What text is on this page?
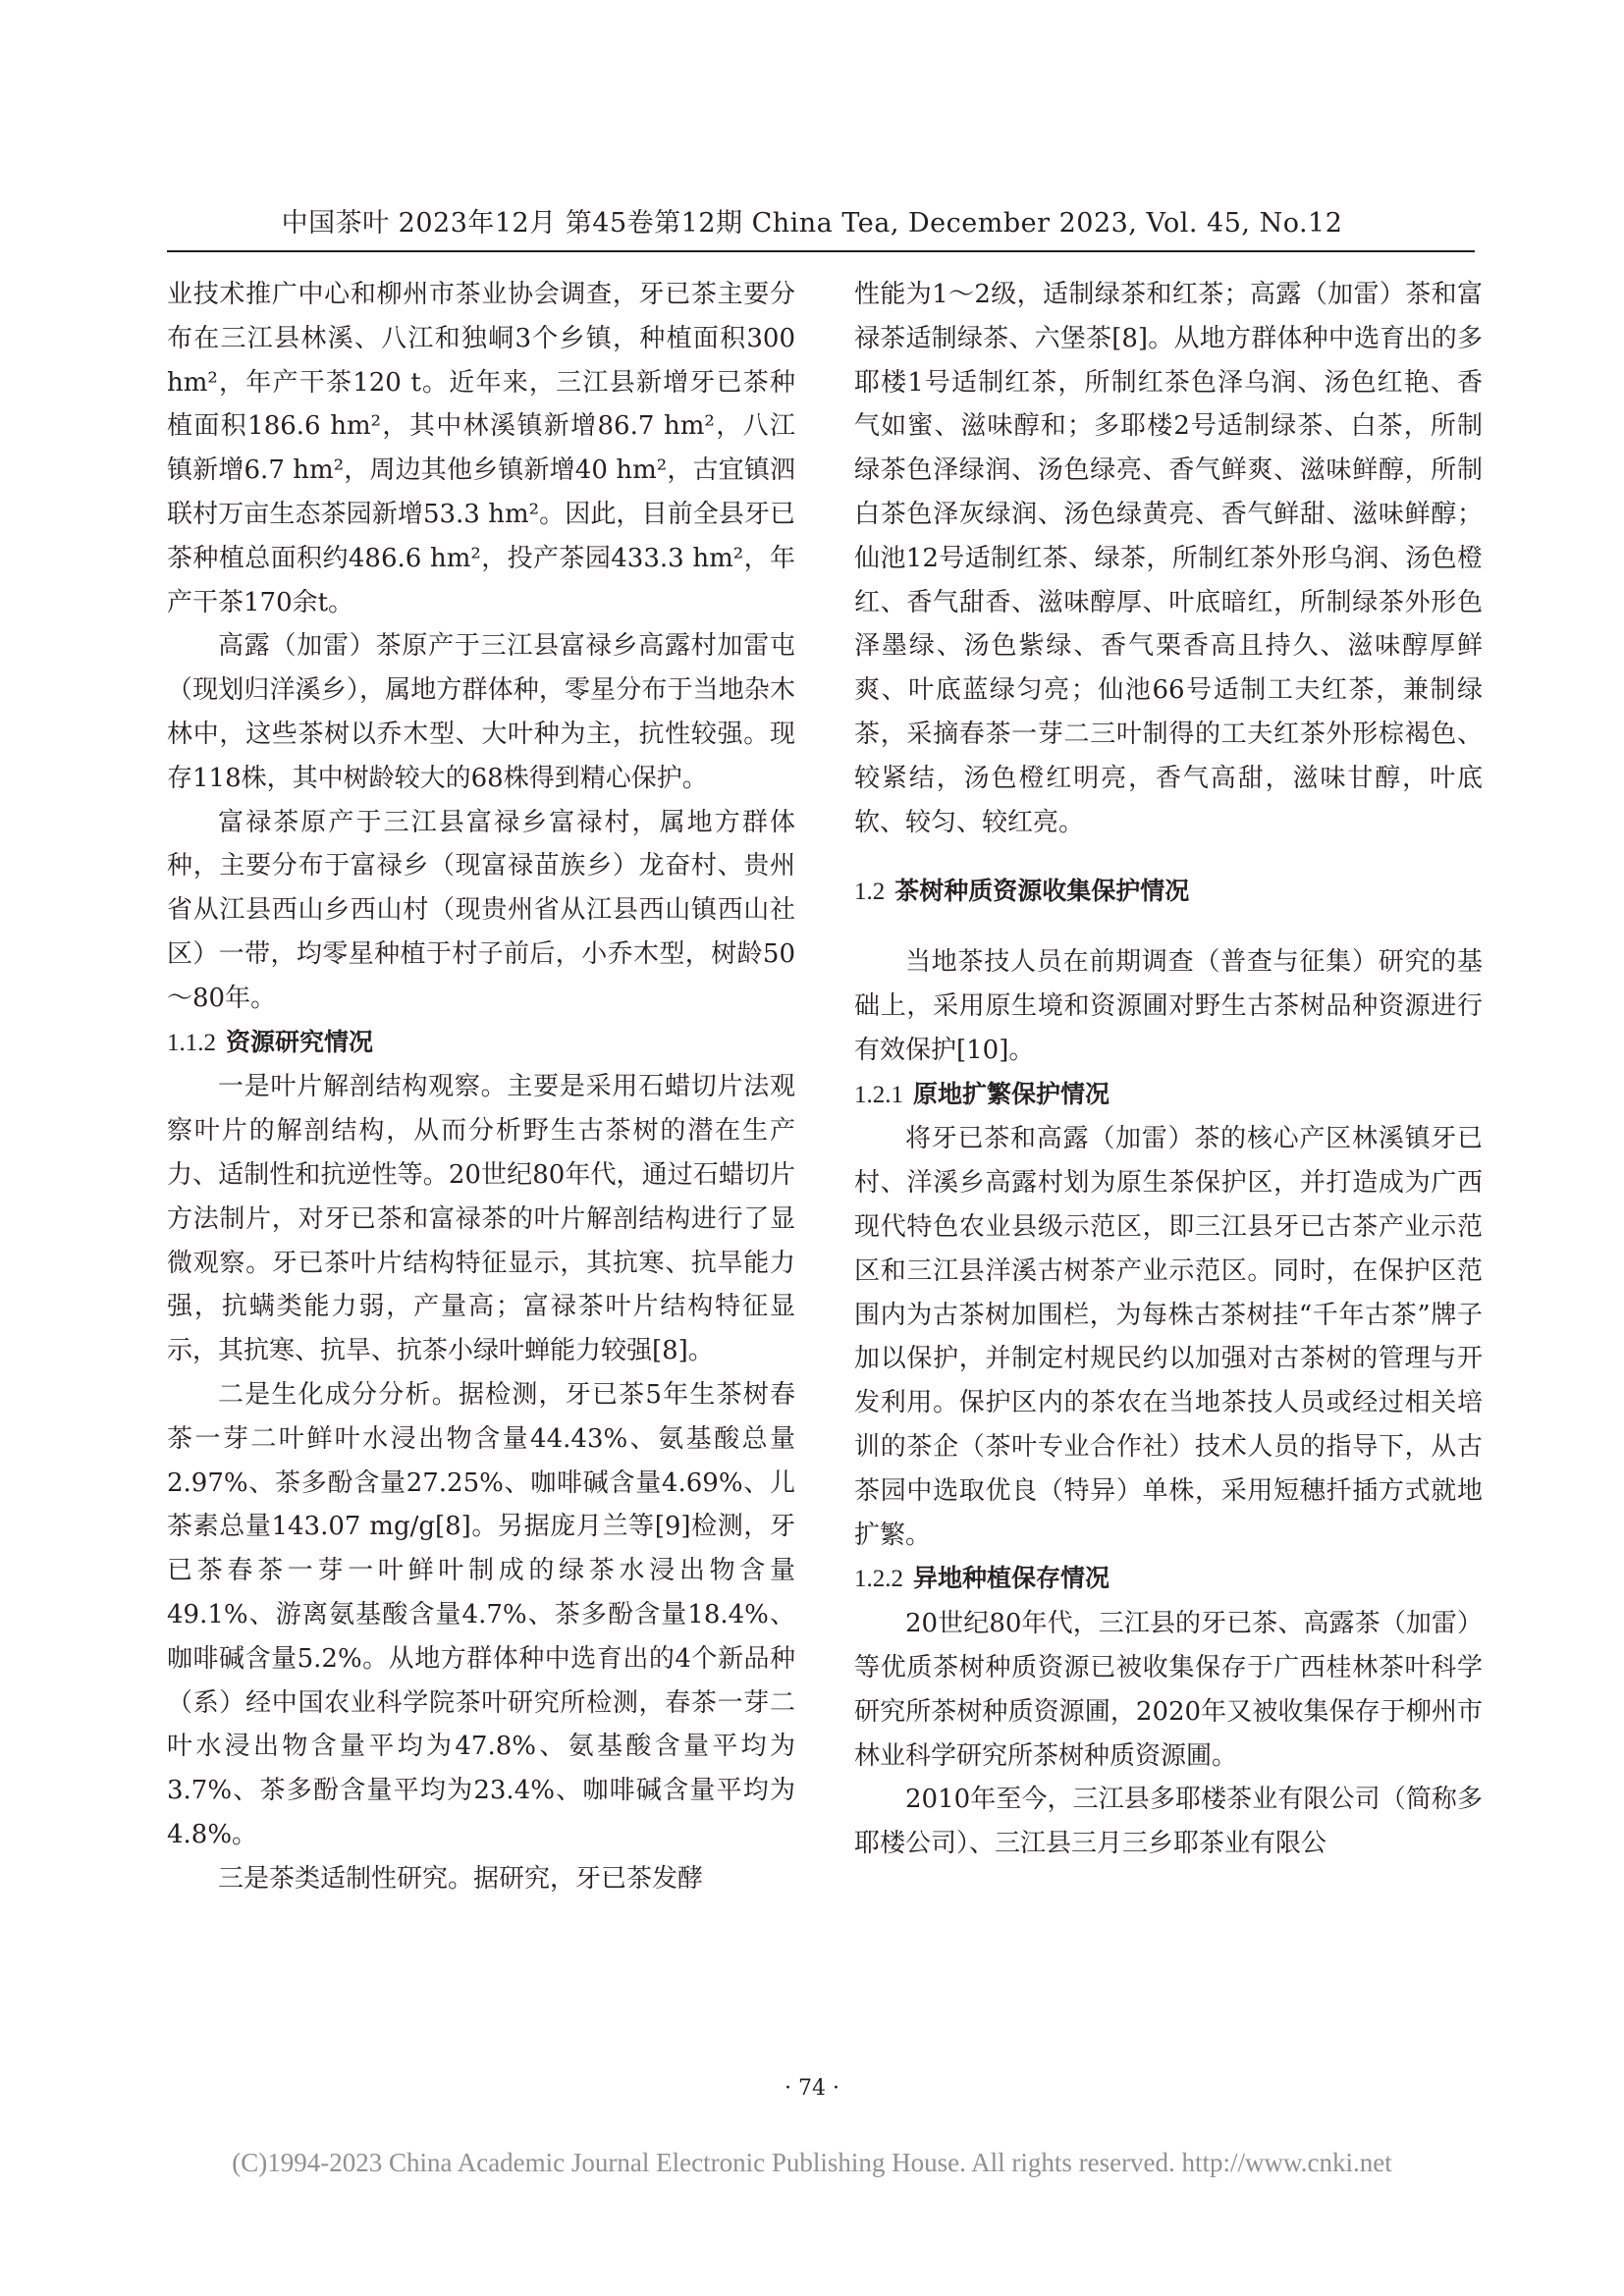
中国茶叶 2023年12月 第45卷第12期 China Tea, December 2023, Vol. 45, No.12

业技术推广中心和柳州市茶业协会调查，牙已茶主要分布在三江县林溪、八江和独峒3个乡镇，种植面积300 hm²，年产干茶120 t。近年来，三江县新增牙已茶种植面积186.6 hm²，其中林溪镇新增86.7 hm²，八江镇新增6.7 hm²，周边其他乡镇新增40 hm²，古宜镇泗联村万亩生态茶园新增53.3 hm²。因此，目前全县牙已茶种植总面积约486.6 hm²，投产茶园433.3 hm²，年产干茶170余t。

高露（加雷）茶原产于三江县富禄乡高露村加雷屯（现划归洋溪乡），属地方群体种，零星分布于当地杂木林中，这些茶树以乔木型、大叶种为主，抗性较强。现存118株，其中树龄较大的68株得到精心保护。

富禄茶原产于三江县富禄乡富禄村，属地方群体种，主要分布于富禄乡（现富禄苗族乡）龙奋村、贵州省从江县西山乡西山村（现贵州省从江县西山镇西山社区）一带，均零星种植于村子前后，小乔木型，树龄50～80年。

1.1.2 资源研究情况

一是叶片解剖结构观察。主要是采用石蜡切片法观察叶片的解剖结构，从而分析野生古茶树的潜在生产力、适制性和抗逆性等。20世纪80年代，通过石蜡切片方法制片，对牙已茶和富禄茶的叶片解剖结构进行了显微观察。牙已茶叶片结构特征显示，其抗寒、抗旱能力强，抗螨类能力弱，产量高；富禄茶叶片结构特征显示，其抗寒、抗旱、抗茶小绿叶蝉能力较强[8]。

二是生化成分分析。据检测，牙已茶5年生茶树春茶一芽二叶鲜叶水浸出物含量44.43%、氨基酸总量2.97%、茶多酚含量27.25%、咖啡碱含量4.69%、儿茶素总量143.07 mg/g[8]。另据庞月兰等[9]检测，牙已茶春茶一芽一叶鲜叶制成的绿茶水浸出物含量49.1%、游离氨基酸含量4.7%、茶多酚含量18.4%、咖啡碱含量5.2%。从地方群体种中选育出的4个新品种（系）经中国农业科学院茶叶研究所检测，春茶一芽二叶水浸出物含量平均为47.8%、氨基酸含量平均为3.7%、茶多酚含量平均为23.4%、咖啡碱含量平均为4.8%。

三是茶类适制性研究。据研究，牙已茶发酵

性能为1～2级，适制绿茶和红茶；高露（加雷）茶和富禄茶适制绿茶、六堡茶[8]。从地方群体种中选育出的多耶楼1号适制红茶，所制红茶色泽乌润、汤色红艳、香气如蜜、滋味醇和；多耶楼2号适制绿茶、白茶，所制绿茶色泽绿润、汤色绿亮、香气鲜爽、滋味鲜醇，所制白茶色泽灰绿润、汤色绿黄亮、香气鲜甜、滋味鲜醇；仙池12号适制红茶、绿茶，所制红茶外形乌润、汤色橙红、香气甜香、滋味醇厚、叶底暗红，所制绿茶外形色泽墨绿、汤色紫绿、香气栗香高且持久、滋味醇厚鲜爽、叶底蓝绿匀亮；仙池66号适制工夫红茶，兼制绿茶，采摘春茶一芽二三叶制得的工夫红茶外形棕褐色、较紧结，汤色橙红明亮，香气高甜，滋味甘醇，叶底软、较匀、较红亮。

1.2 茶树种质资源收集保护情况

当地茶技人员在前期调查（普查与征集）研究的基础上，采用原生境和资源圃对野生古茶树品种资源进行有效保护[10]。

1.2.1 原地扩繁保护情况

将牙已茶和高露（加雷）茶的核心产区林溪镇牙已村、洋溪乡高露村划为原生茶保护区，并打造成为广西现代特色农业县级示范区，即三江县牙已古茶产业示范区和三江县洋溪古树茶产业示范区。同时，在保护区范围内为古茶树加围栏，为每株古茶树挂“千年古茶”牌子加以保护，并制定村规民约以加强对古茶树的管理与开发利用。保护区内的茶农在当地茶技人员或经过相关培训的茶企（茶叶专业合作社）技术人员的指导下，从古茶园中选取优良（特异）单株，采用短穗扦插方式就地扩繁。

1.2.2 异地种植保存情况

20世纪80年代，三江县的牙已茶、高露茶（加雷）等优质茶树种质资源已被收集保存于广西桂林茶叶科学研究所茶树种质资源圃，2020年又被收集保存于柳州市林业科学研究所茶树种质资源圃。

2010年至今，三江县多耶楼茶业有限公司（简称多耶楼公司）、三江县三月三乡耶茶业有限公

· 74 ·
(C)1994-2023 China Academic Journal Electronic Publishing House. All rights reserved. http://www.cnki.net
